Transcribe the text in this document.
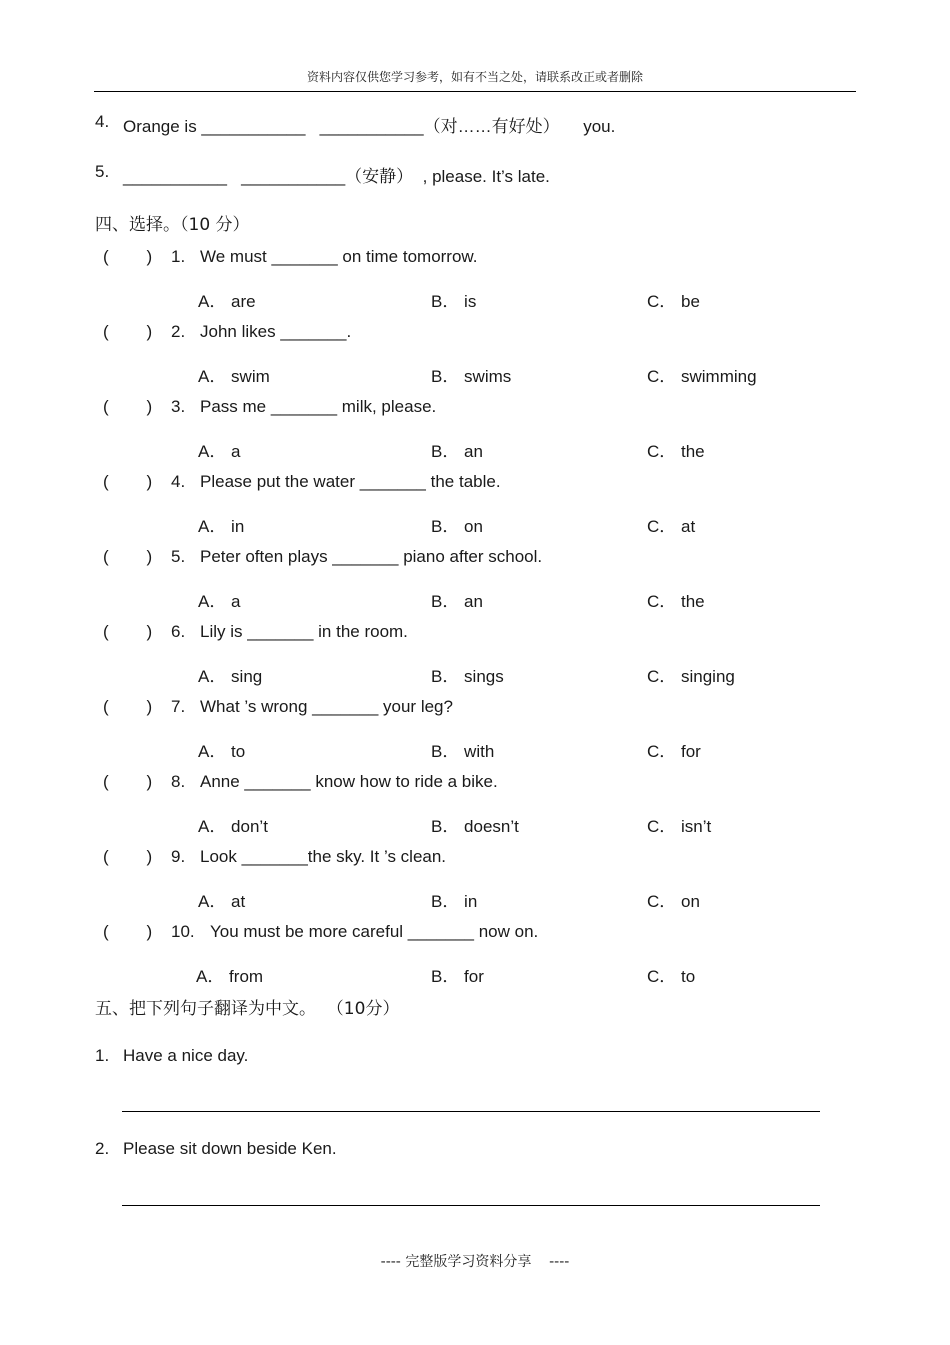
资料内容仅供您学习参考，如有不当之处，请联系改正或者删除
4. Orange is ___________   ___________（对……有好处）     you.
5. ___________   ___________（安静）  , please. It’s late.
四、选择。（10 分）
(        ) 1. We must _______ on time tomorrow.
A． are	B． is	C． be
(        ) 2. John likes _______.
A． swim	B． swims	C． swimming
(        ) 3. Pass me _______ milk, please.
A． a	B． an	C． the
(        ) 4. Please put the water _______ the table.
A． in	B． on	C． at
(        ) 5. Peter often plays _______ piano after school.
A． a	B． an	C． the
(        ) 6. Lily is _______ in the room.
A． sing	B． sings	C． singing
(        ) 7. What ’s wrong _______ your leg?
A． to	B． with	C． for
(        ) 8. Anne _______ know how to ride a bike.
A． don’t	B． doesn’t	C． isn’t
(        ) 9. Look _______the sky. It ’s clean.
A． at	B． in	C． on
(        ) 10. You must be more careful _______ now on.
A． from	B． for	C． to
五、把下列句子翻译为中文。  （10分）
1. Have a nice day.
2. Please sit down beside Ken.
---- 完整版学习资料分享    ----
